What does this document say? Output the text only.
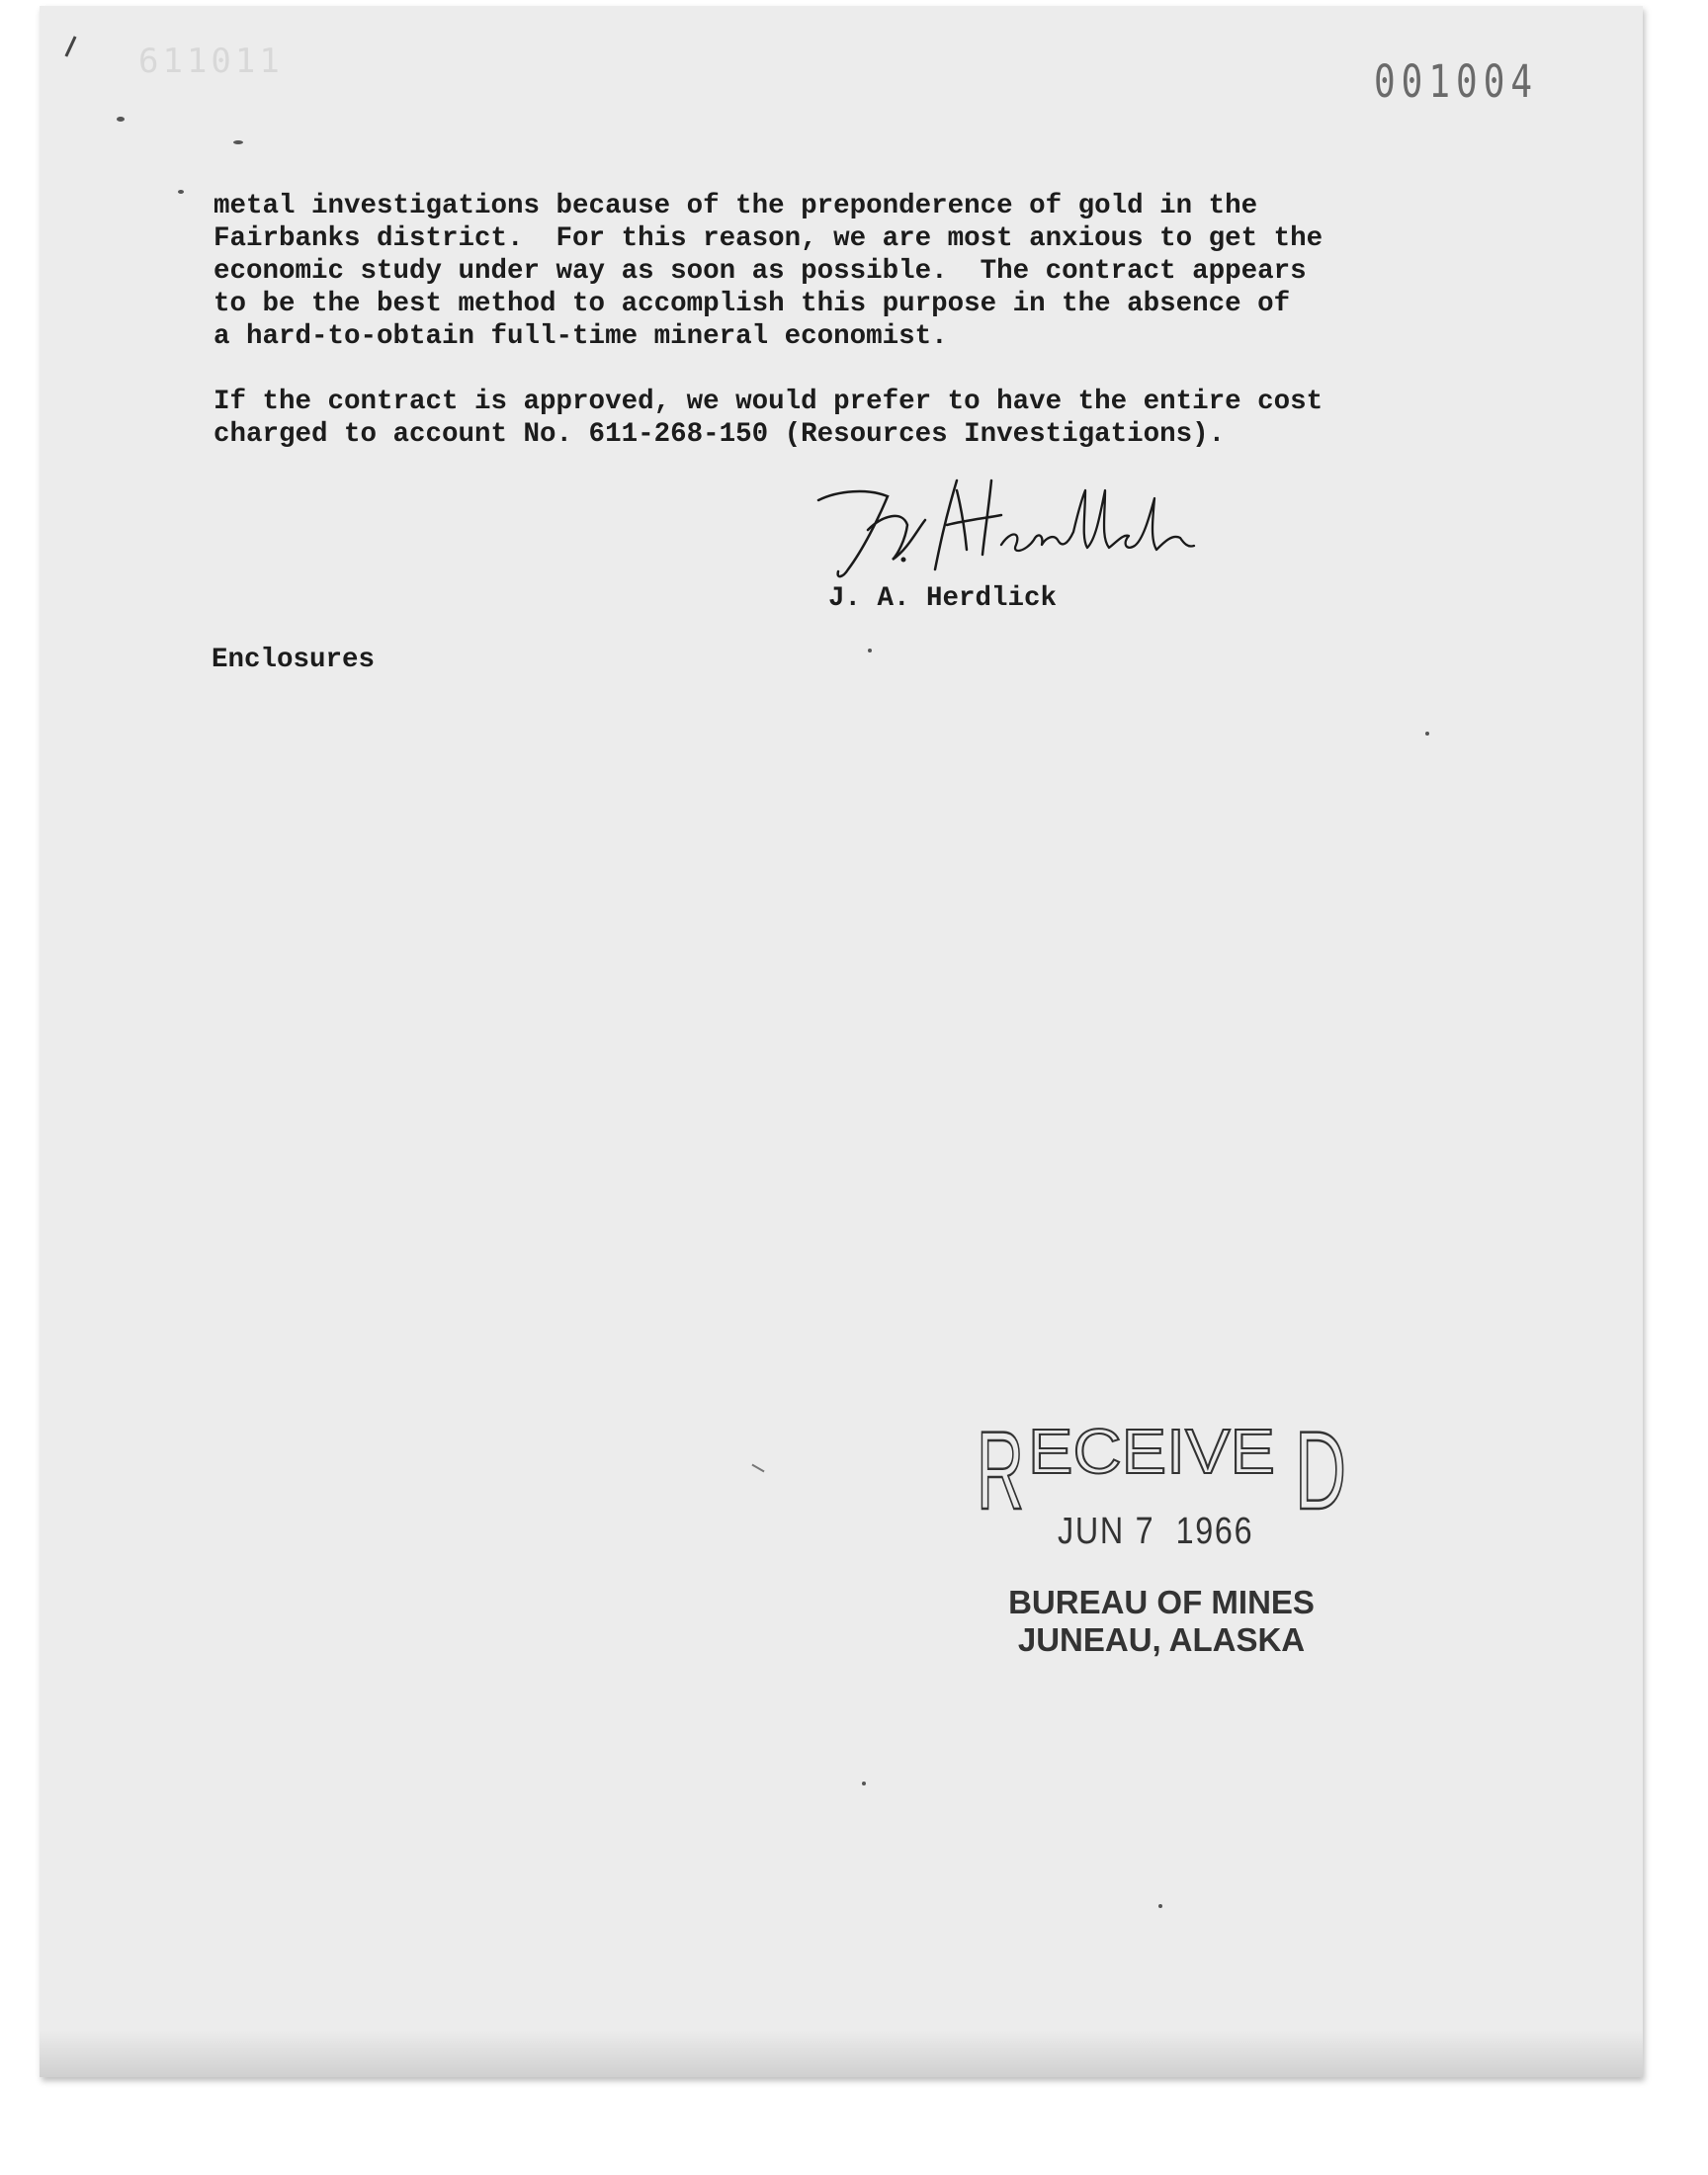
611011	001004
metal investigations because of the preponderence of gold in the
Fairbanks district.  For this reason, we are most anxious to get the
economic study under way as soon as possible.  The contract appears
to be the best method to accomplish this purpose in the absence of
a hard-to-obtain full-time mineral economist.
If the contract is approved, we would prefer to have the entire cost
charged to account No. 611-268-150 (Resources Investigations).
J. A. Herdlick
Enclosures
R ECEIVE D
JUN 7  1966
BUREAU OF MINES
JUNEAU, ALASKA
